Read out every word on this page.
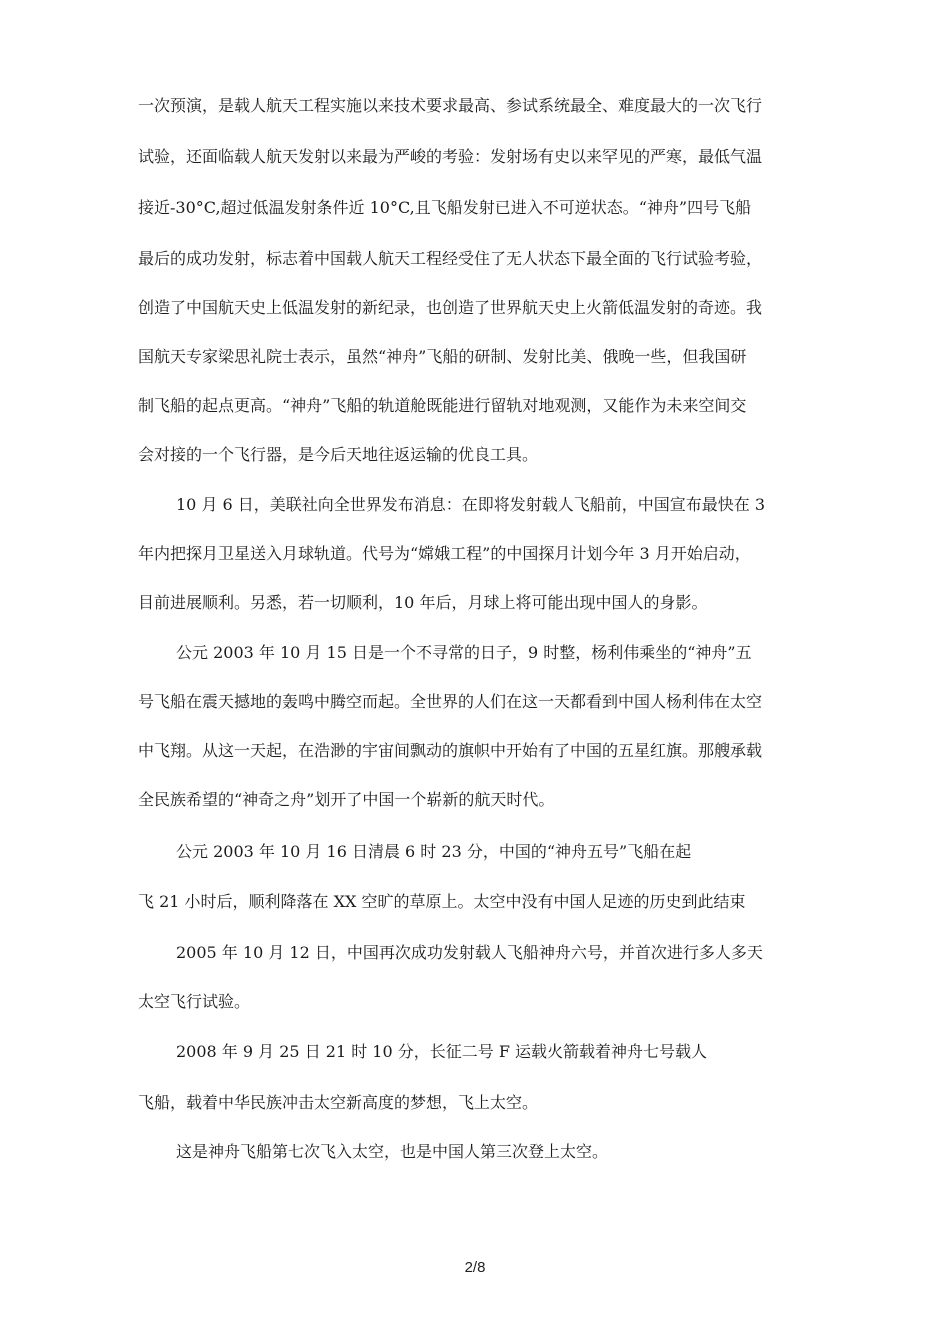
一次预演，是载人航天工程实施以来技术要求最高、参试系统最全、难度最大的一次飞行
试验，还面临载人航天发射以来最为严峻的考验：发射场有史以来罕见的严寒，最低气温
接近-30°C,超过低温发射条件近 10°C,且飞船发射已进入不可逆状态。“神舟”四号飞船
最后的成功发射，标志着中国载人航天工程经受住了无人状态下最全面的飞行试验考验，
创造了中国航天史上低温发射的新纪录，也创造了世界航天史上火箭低温发射的奇迹。我
国航天专家梁思礼院士表示，虽然“神舟”飞船的研制、发射比美、俄晚一些，但我国研
制飞船的起点更高。“神舟”飞船的轨道舱既能进行留轨对地观测，又能作为未来空间交
会对接的一个飞行器，是今后天地往返运输的优良工具。
10 月 6 日，美联社向全世界发布消息：在即将发射载人飞船前，中国宣布最快在 3
年内把探月卫星送入月球轨道。代号为“嫦娥工程”的中国探月计划今年 3 月开始启动，
目前进展顺利。另悉，若一切顺利，10 年后，月球上将可能出现中国人的身影。
公元 2003 年 10 月 15 日是一个不寻常的日子，9 时整，杨利伟乘坐的“神舟”五
号飞船在震天撼地的轰鸣中腾空而起。全世界的人们在这一天都看到中国人杨利伟在太空
中飞翔。从这一天起，在浩渺的宇宙间飘动的旗帜中开始有了中国的五星红旗。那艘承载
全民族希望的“神奇之舟”划开了中国一个崭新的航天时代。
公元 2003 年 10 月 16 日清晨 6 时 23 分，中国的“神舟五号”飞船在起
飞 21 小时后，顺利降落在 XX 空旷的草原上。太空中没有中国人足迹的历史到此结束
2005 年 10 月 12 日，中国再次成功发射载人飞船神舟六号，并首次进行多人多天
太空飞行试验。
2008 年 9 月 25 日 21 时 10 分，长征二号 F 运载火箭载着神舟七号载人
飞船，载着中华民族冲击太空新高度的梦想，飞上太空。
这是神舟飞船第七次飞入太空，也是中国人第三次登上太空。
2/8
